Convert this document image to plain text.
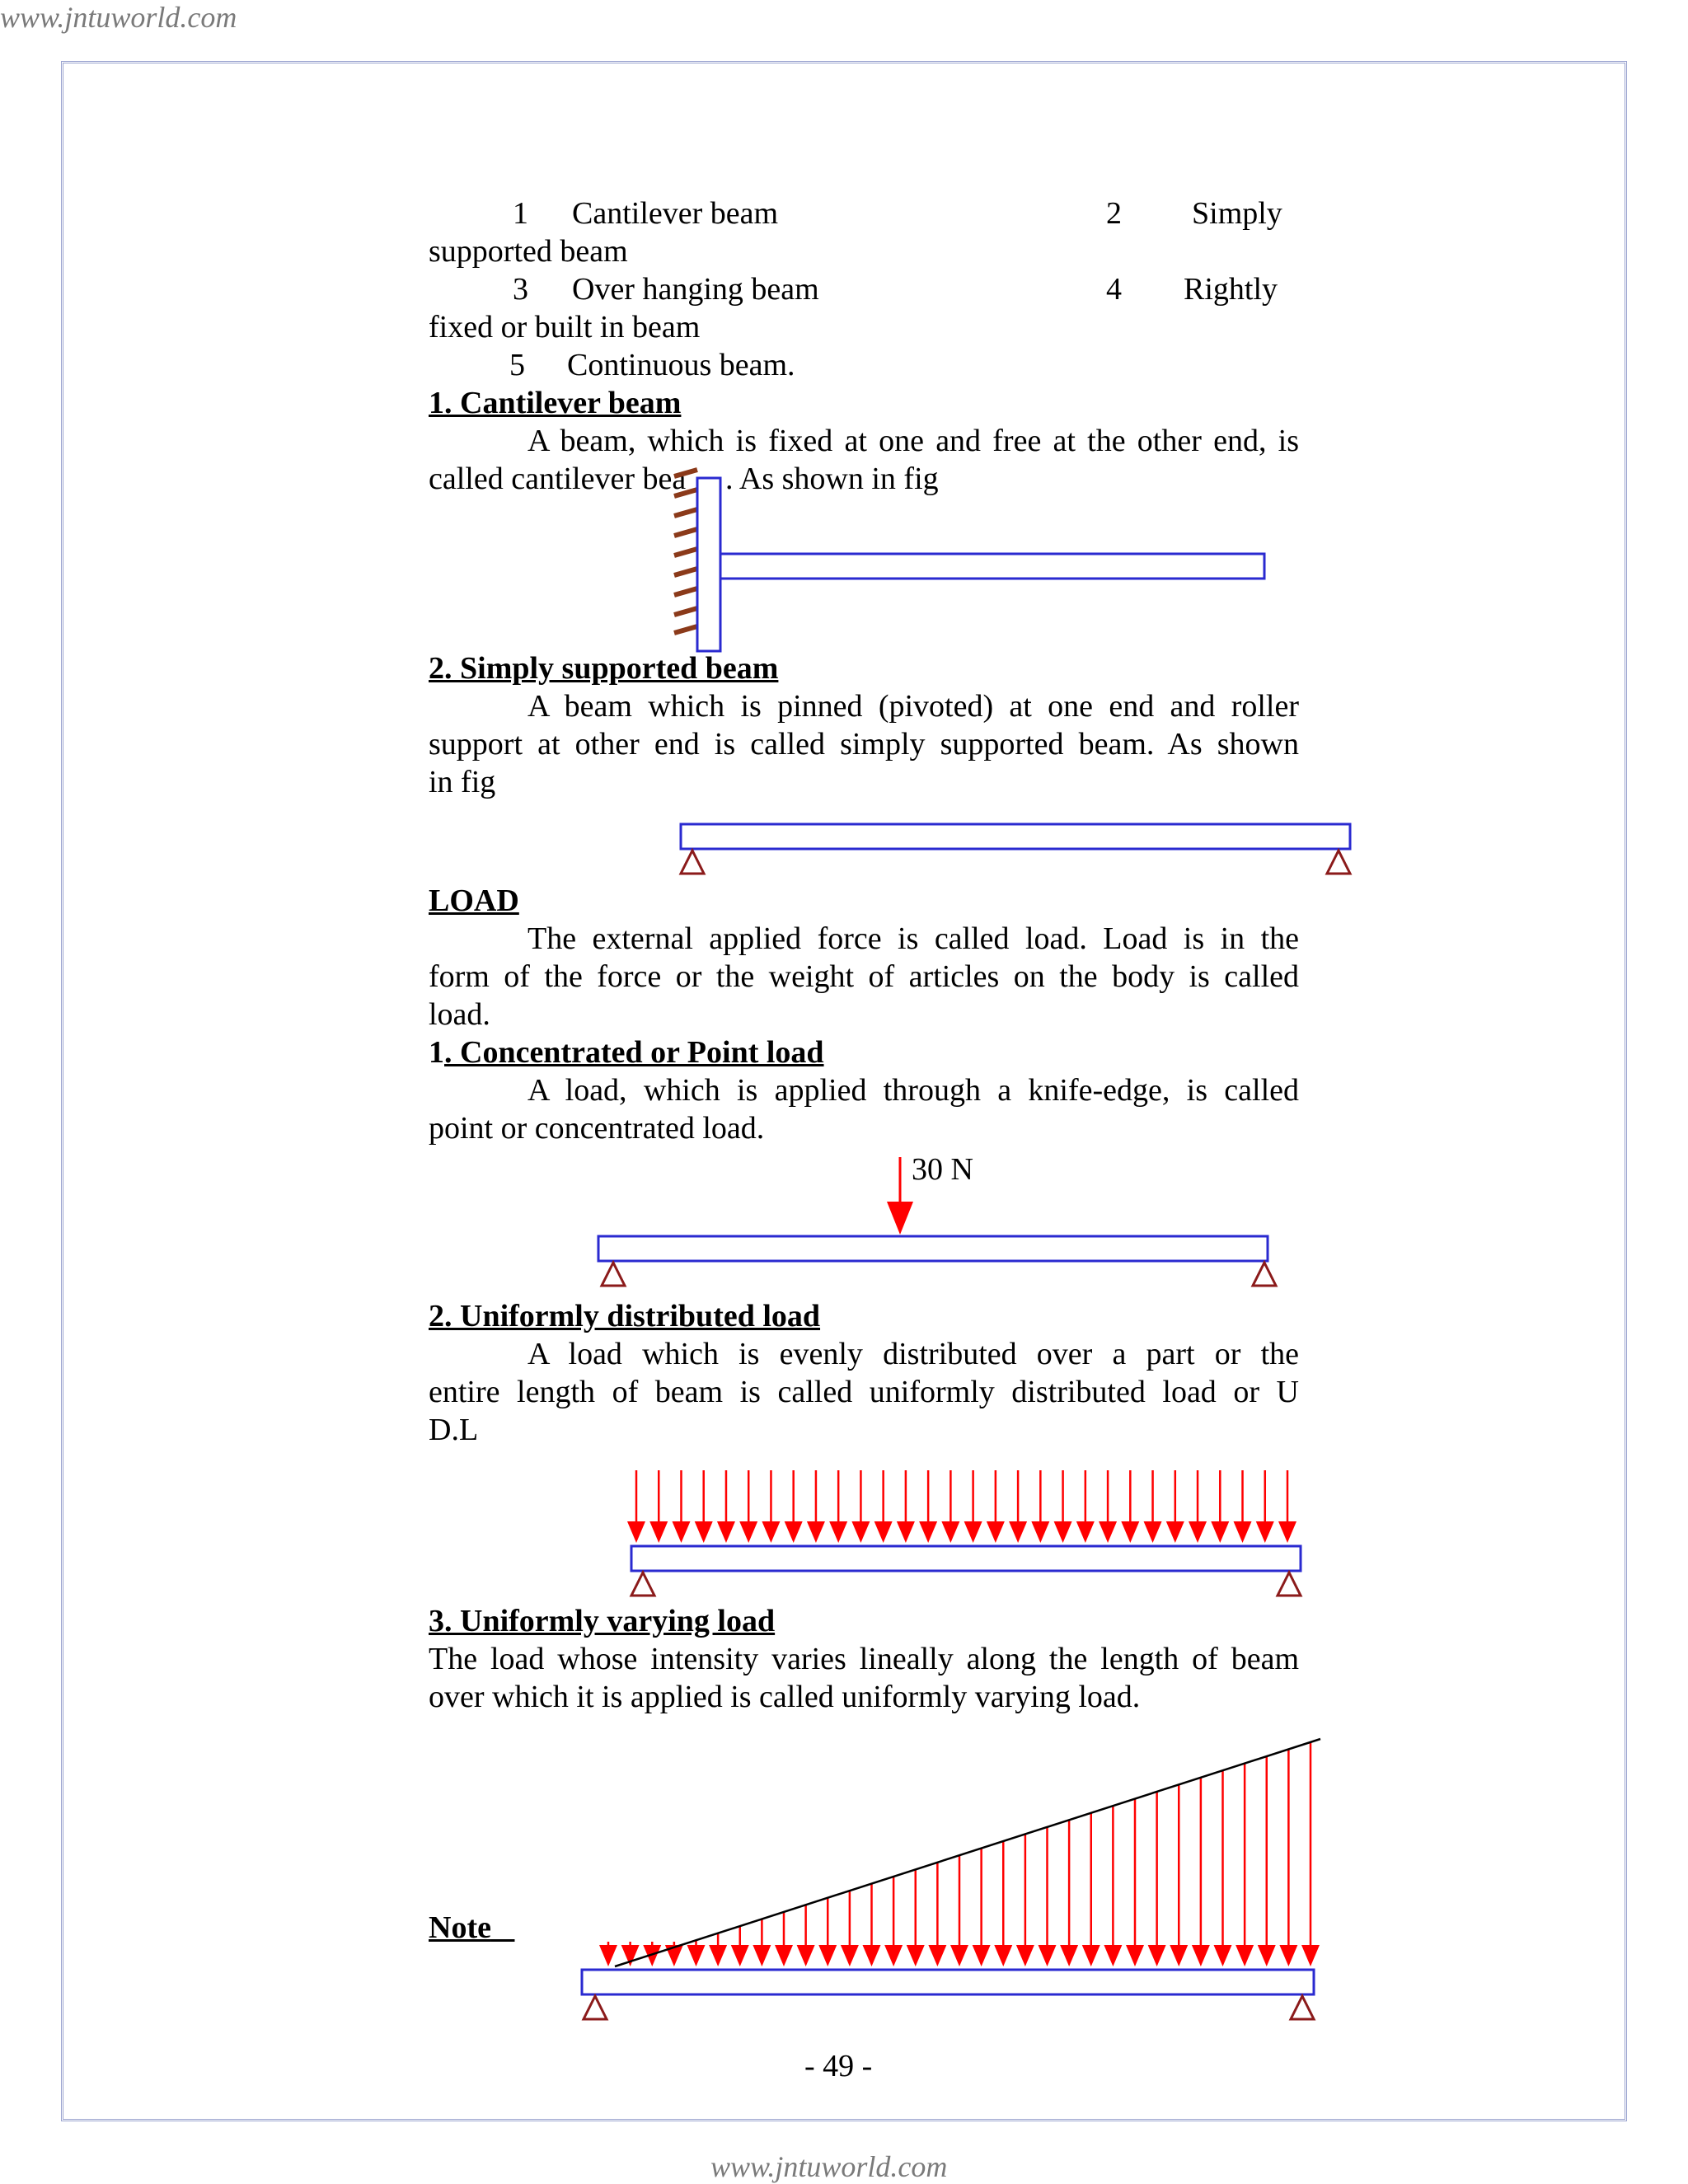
www.jntuworld.com
1 Cantilever beam	2 Simply
supported beam
3 Over hanging beam	4 Rightly
fixed or built in beam
5 Continuous beam.
1. Cantilever beam
A beam, which is fixed at one and free at the other end, is
called cantilever bea . As shown in fig
2. Simply supported beam
A beam which is pinned (pivoted) at one end and roller
support at other end is called simply supported beam. As shown
in fig
LOAD
The external applied force is called load. Load is in the
form of the force or the weight of articles on the body is called
load.
1. Concentrated or Point load
A load, which is applied through a knife-edge, is called
point or concentrated load.
30 N
2. Uniformly distributed load
A load which is evenly distributed over a part or the
entire length of beam is called uniformly distributed load or U
D.L
3. Uniformly varying load
The load whose intensity varies lineally along the length of beam
over which it is applied is called uniformly varying load.
Note
- 49 -
www.jntuworld.com
